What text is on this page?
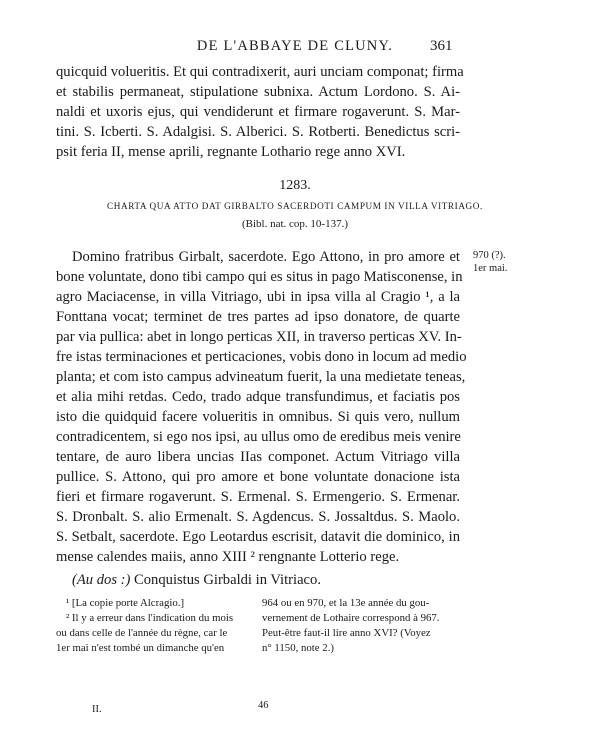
DE L'ABBAYE DE CLUNY.	361
quicquid volueritis. Et qui contradixerit, auri unciam componat; firma
et stabilis permaneat, stipulatione subnixa. Actum Lordono. S. Ai-
naldi et uxoris ejus, qui vendiderunt et firmare rogaverunt. S. Mar-
tini. S. Icberti. S. Adalgisi. S. Alberici. S. Rotberti. Benedictus scri-
psit feria II, mense aprili, regnante Lothario rege anno XVI.
1283.
CHARTA QUA ATTO DAT GIRBALTO SACERDOTI CAMPUM IN VILLA VITRIAGO.
(Bibl. nat. cop. 10-137.)
970 (?).
1er mai.
Domino fratribus Girbalt, sacerdote. Ego Attono, in pro amore et
bone voluntate, dono tibi campo qui es situs in pago Matisconense, in
agro Maciacense, in villa Vitriago, ubi in ipsa villa al Cragio ¹, a la
Fonttana vocat; terminet de tres partes ad ipso donatore, de quarte
par via pullica: abet in longo perticas XII, in traverso perticas XV. In-
fre istas terminaciones et perticaciones, vobis dono in locum ad medio
planta; et com isto campus advineatum fuerit, la una medietate teneas,
et alia mihi retdas. Cedo, trado adque transfundimus, et faciatis pos
isto die quidquid facere volueritis in omnibus. Si quis vero, nullum
contradicentem, si ego nos ipsi, au ullus omo de eredibus meis venire
tentare, de auro libera uncias IIas componet. Actum Vitriago villa
pullice. S. Attono, qui pro amore et bone voluntate donacione ista
fieri et firmare rogaverunt. S. Ermenal. S. Ermengerio. S. Ermenar.
S. Dronbalt. S. alio Ermenalt. S. Agdencus. S. Jossaltdus. S. Maolo.
S. Setbalt, sacerdote. Ego Leotardus escrisit, datavit die dominico, in
mense calendes maiis, anno XIII ² rengnante Lotterio rege.
(Au dos :) Conquistus Girbaldi in Vitriaco.
¹ [La copie porte Alcragio.]
² Il y a erreur dans l'indication du mois
ou dans celle de l'année du règne, car le
1er mai n'est tombé un dimanche qu'en
964 ou en 970, et la 13e année du gou-
vernement de Lothaire correspond à 967.
Peut-être faut-il lire anno XVI? (Voyez
n° 1150, note 2.)
II.	46
